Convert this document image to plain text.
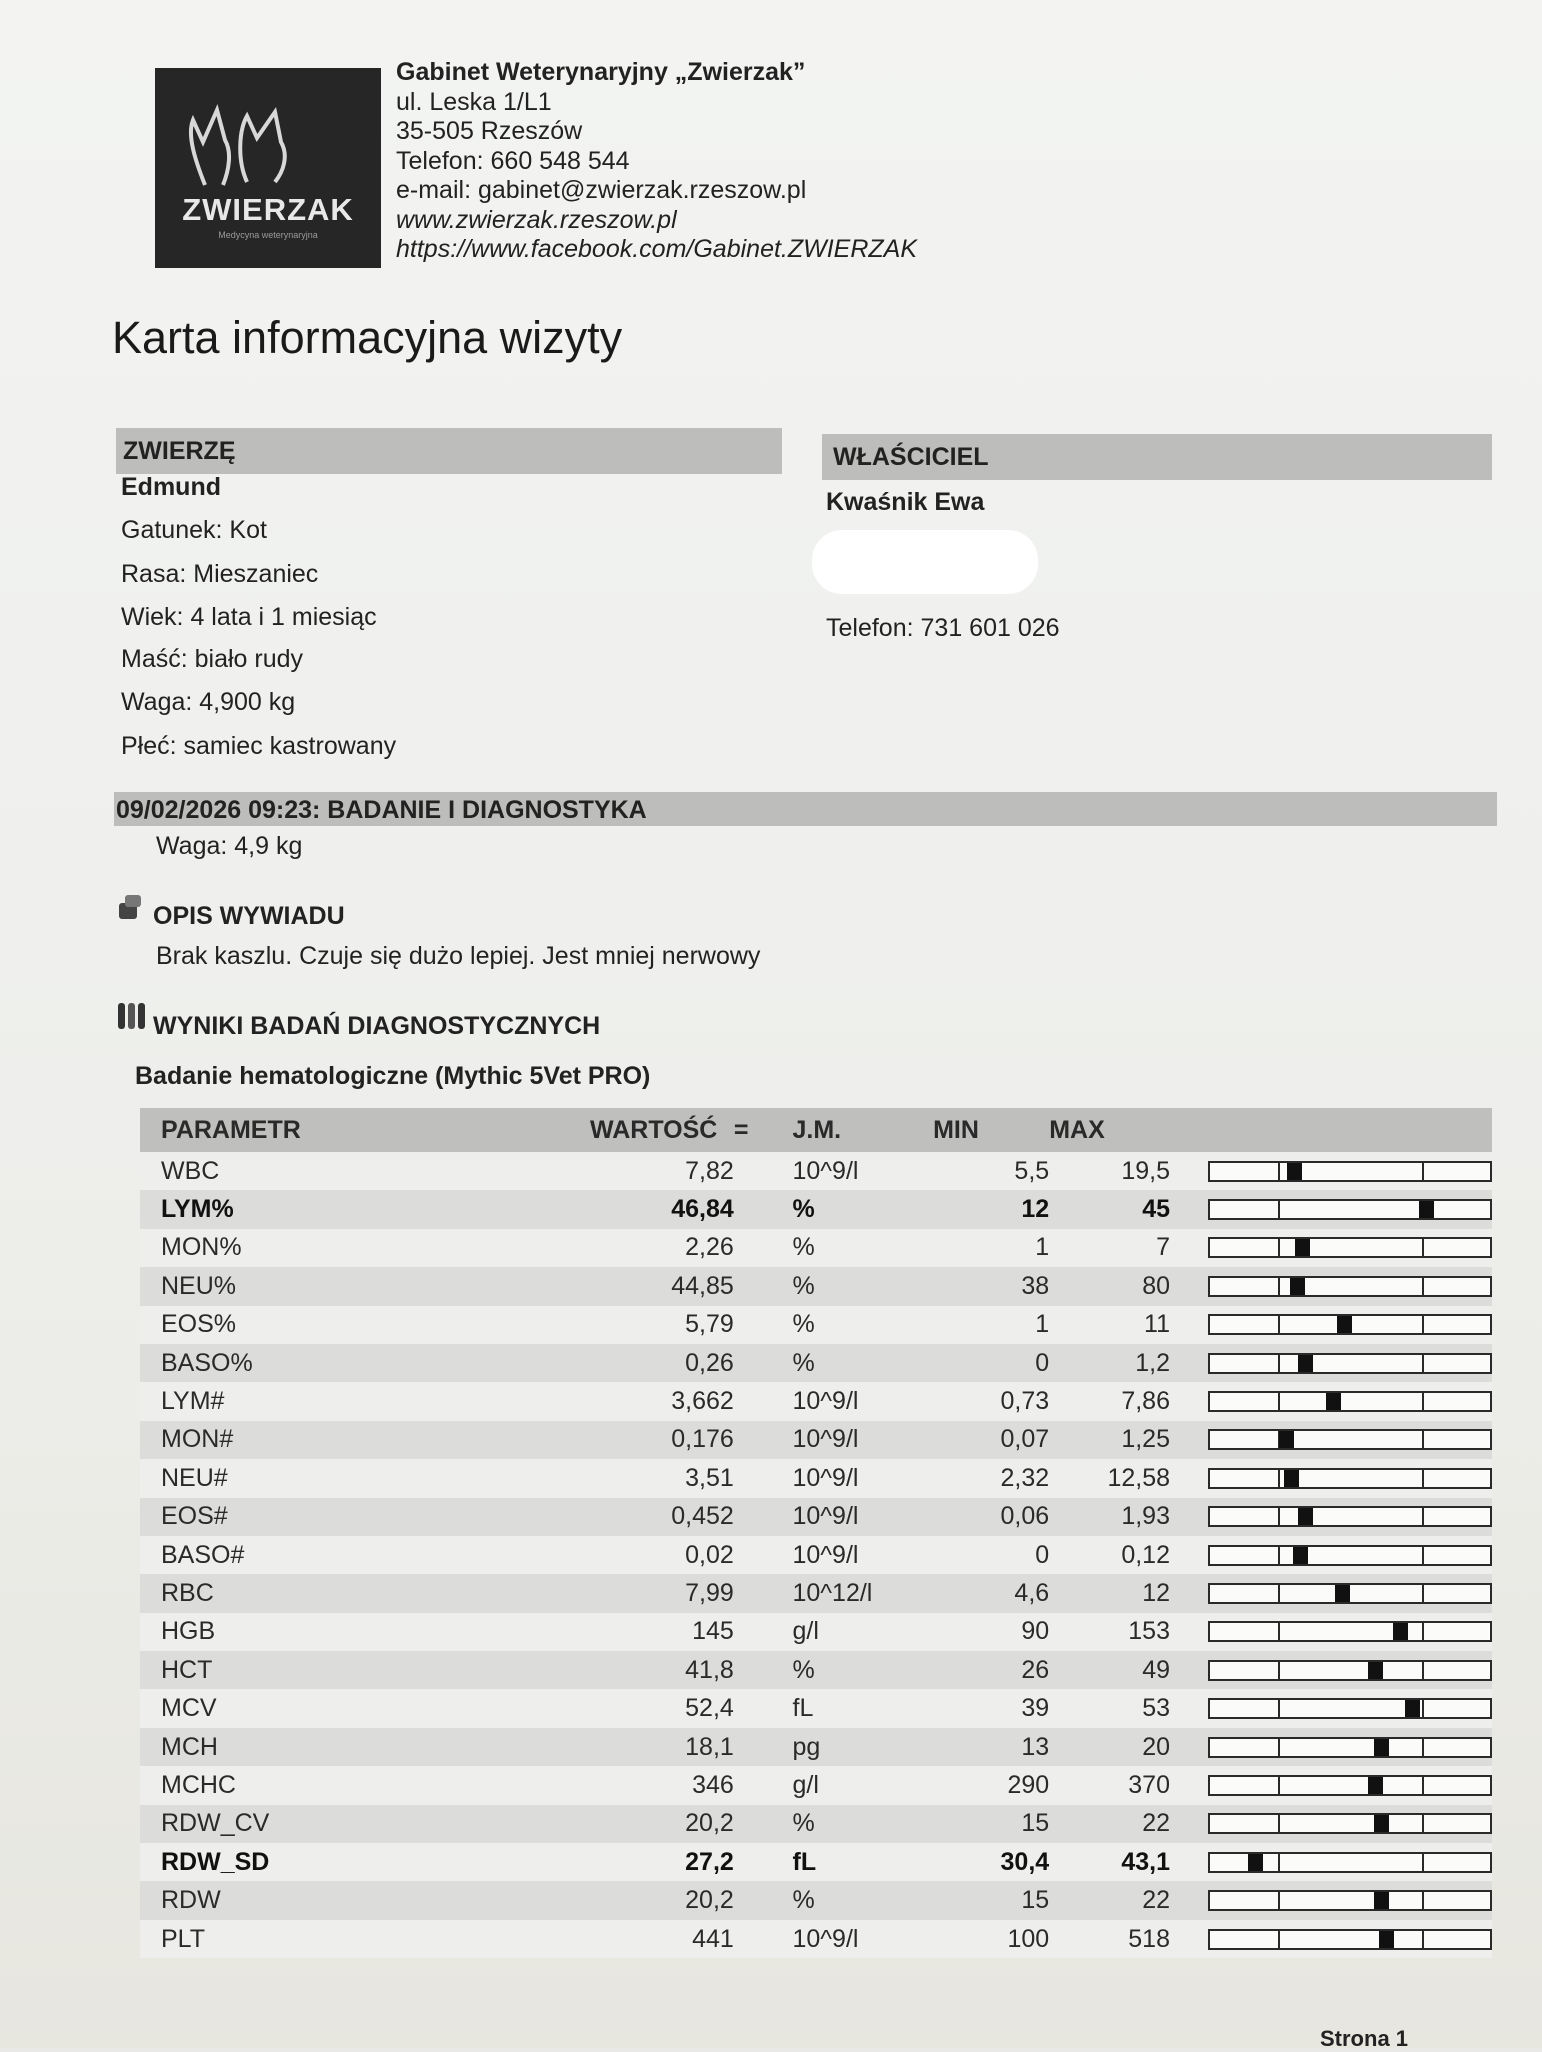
ZWIERZAK
Medycyna weterynaryjna
Gabinet Weterynaryjny „Zwierzak”
ul. Leska 1/L1
35-505 Rzeszów
Telefon: 660 548 544
e-mail: gabinet@zwierzak.rzeszow.pl
www.zwierzak.rzeszow.pl
https://www.facebook.com/Gabinet.ZWIERZAK
Karta informacyjna wizyty
ZWIERZĘ
Edmund
Gatunek: Kot
Rasa: Mieszaniec
Wiek: 4 lata i 1 miesiąc
Maść: biało rudy
Waga: 4,900 kg
Płeć: samiec kastrowany
WŁAŚCICIEL
Kwaśnik Ewa
Telefon: 731 601 026
09/02/2026 09:23: BADANIE I DIAGNOSTYKA
Waga: 4,9 kg
OPIS WYWIADU
Brak kaszlu. Czuje się dużo lepiej. Jest mniej nerwowy
WYNIKI BADAŃ DIAGNOSTYCZNYCH
Badanie hematologiczne (Mythic 5Vet PRO)
PARAMETR	WARTOŚĆ	=	J.M.	MIN	MAX	
WBC	7,82		10^9/l	5,5	19,5	

LYM%	46,84		%	12	45	

MON%	2,26		%	1	7	

NEU%	44,85		%	38	80	

EOS%	5,79		%	1	11	

BASO%	0,26		%	0	1,2	

LYM#	3,662		10^9/l	0,73	7,86	

MON#	0,176		10^9/l	0,07	1,25	

NEU#	3,51		10^9/l	2,32	12,58	

EOS#	0,452		10^9/l	0,06	1,93	

BASO#	0,02		10^9/l	0	0,12	

RBC	7,99		10^12/l	4,6	12	

HGB	145		g/l	90	153	

HCT	41,8		%	26	49	

MCV	52,4		fL	39	53	

MCH	18,1		pg	13	20	

MCHC	346		g/l	290	370	

RDW_CV	20,2		%	15	22	

RDW_SD	27,2		fL	30,4	43,1	

RDW	20,2		%	15	22	

PLT	441		10^9/l	100	518	
Strona 1
